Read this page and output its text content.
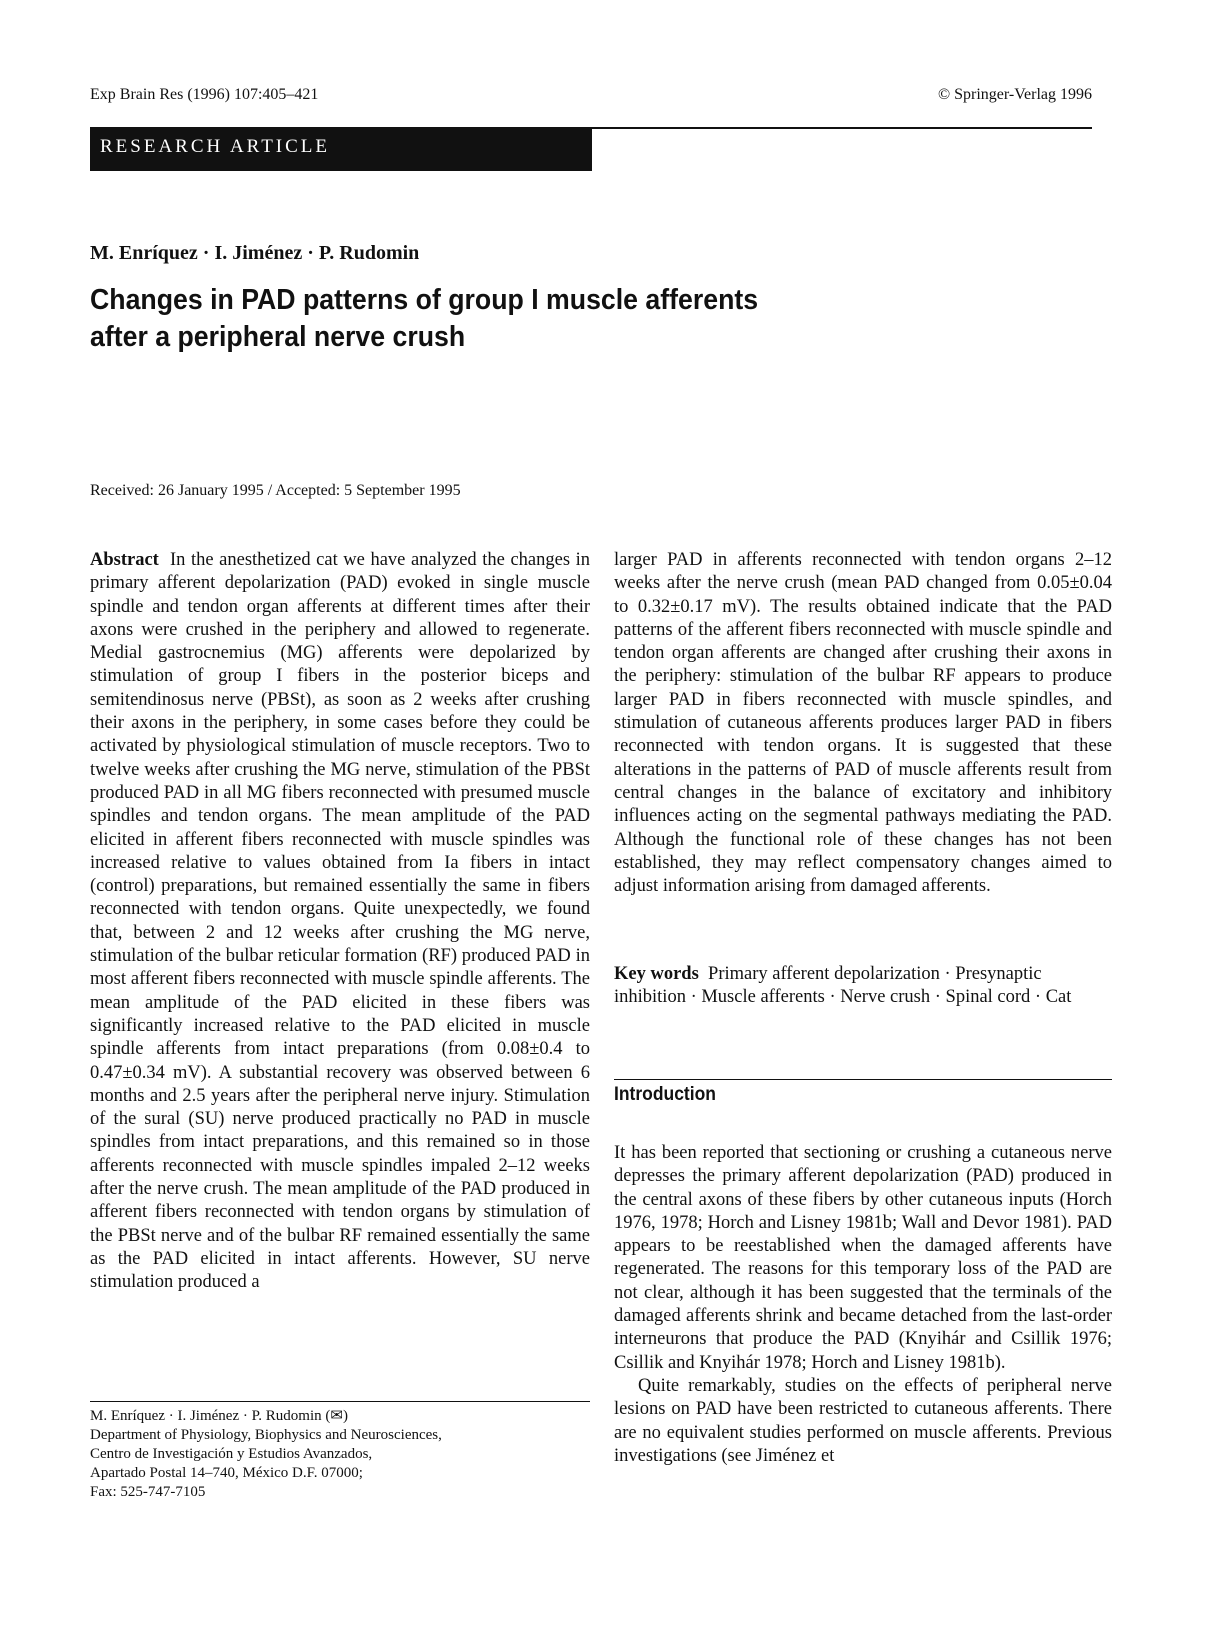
Exp Brain Res (1996) 107:405–421	© Springer-Verlag 1996
RESEARCH ARTICLE
M. Enríquez · I. Jiménez · P. Rudomin
Changes in PAD patterns of group I muscle afferents
after a peripheral nerve crush
Received: 26 January 1995 / Accepted: 5 September 1995

Abstract In the anesthetized cat we have analyzed the changes in primary afferent depolarization (PAD) evoked in single muscle spindle and tendon organ afferents at different times after their axons were crushed in the periphery and allowed to regenerate. Medial gastrocnemius (MG) afferents were depolarized by stimulation of group I fibers in the posterior biceps and semitendinosus nerve (PBSt), as soon as 2 weeks after crushing their axons in the periphery, in some cases before they could be activated by physiological stimulation of muscle receptors. Two to twelve weeks after crushing the MG nerve, stimulation of the PBSt produced PAD in all MG fibers reconnected with presumed muscle spindles and tendon organs. The mean amplitude of the PAD elicited in afferent fibers reconnected with muscle spindles was increased relative to values obtained from Ia fibers in intact (control) preparations, but remained essentially the same in fibers reconnected with tendon organs. Quite unexpectedly, we found that, between 2 and 12 weeks after crushing the MG nerve, stimulation of the bulbar reticular formation (RF) produced PAD in most afferent fibers reconnected with muscle spindle afferents. The mean amplitude of the PAD elicited in these fibers was significantly increased relative to the PAD elicited in muscle spindle afferents from intact preparations (from 0.08±0.4 to 0.47±0.34 mV). A substantial recovery was observed between 6 months and 2.5 years after the peripheral nerve injury. Stimulation of the sural (SU) nerve produced practically no PAD in muscle spindles from intact preparations, and this remained so in those afferents reconnected with muscle spindles impaled 2–12 weeks after the nerve crush. The mean amplitude of the PAD produced in afferent fibers reconnected with tendon organs by stimulation of the PBSt nerve and of the bulbar RF remained essentially the same as the PAD elicited in intact afferents. However, SU nerve stimulation produced a

M. Enríquez · I. Jiménez · P. Rudomin (✉)
Department of Physiology, Biophysics and Neurosciences,
Centro de Investigación y Estudios Avanzados,
Apartado Postal 14–740, México D.F. 07000;
Fax: 525-747-7105

larger PAD in afferents reconnected with tendon organs 2–12 weeks after the nerve crush (mean PAD changed from 0.05±0.04 to 0.32±0.17 mV). The results obtained indicate that the PAD patterns of the afferent fibers reconnected with muscle spindle and tendon organ afferents are changed after crushing their axons in the periphery: stimulation of the bulbar RF appears to produce larger PAD in fibers reconnected with muscle spindles, and stimulation of cutaneous afferents produces larger PAD in fibers reconnected with tendon organs. It is suggested that these alterations in the patterns of PAD of muscle afferents result from central changes in the balance of excitatory and inhibitory influences acting on the segmental pathways mediating the PAD. Although the functional role of these changes has not been established, they may reflect compensatory changes aimed to adjust information arising from damaged afferents.

Key words Primary afferent depolarization · Presynaptic inhibition · Muscle afferents · Nerve crush · Spinal cord · Cat
Introduction

It has been reported that sectioning or crushing a cutaneous nerve depresses the primary afferent depolarization (PAD) produced in the central axons of these fibers by other cutaneous inputs (Horch 1976, 1978; Horch and Lisney 1981b; Wall and Devor 1981). PAD appears to be reestablished when the damaged afferents have regenerated. The reasons for this temporary loss of the PAD are not clear, although it has been suggested that the terminals of the damaged afferents shrink and became detached from the last-order interneurons that produce the PAD (Knyihár and Csillik 1976; Csillik and Knyihár 1978; Horch and Lisney 1981b).

Quite remarkably, studies on the effects of peripheral nerve lesions on PAD have been restricted to cutaneous afferents. There are no equivalent studies performed on muscle afferents. Previous investigations (see Jiménez et
